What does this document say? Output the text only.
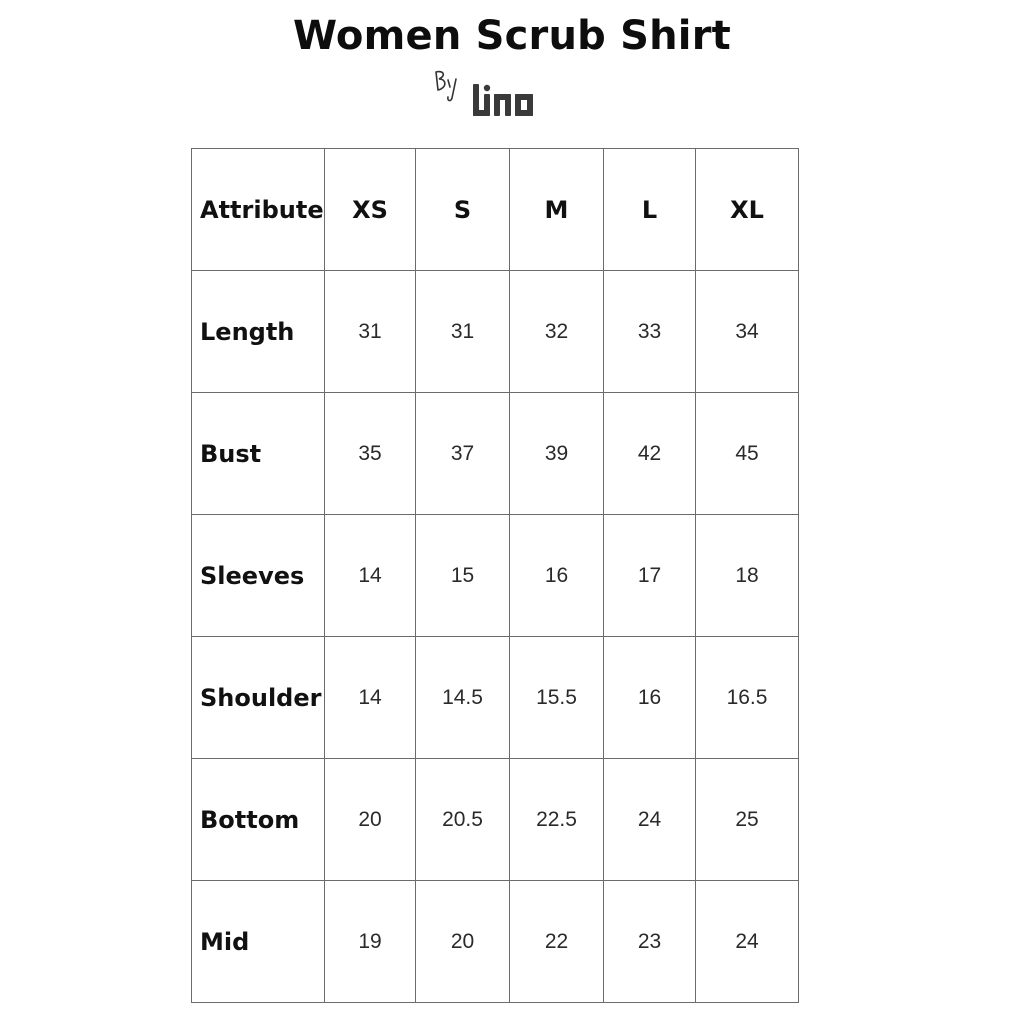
Women Scrub Shirt
Attribute	XS	S	M	L	XL
Length	31	31	32	33	34
Bust	35	37	39	42	45
Sleeves	14	15	16	17	18
Shoulder	14	14.5	15.5	16	16.5
Bottom	20	20.5	22.5	24	25
Mid	19	20	22	23	24
